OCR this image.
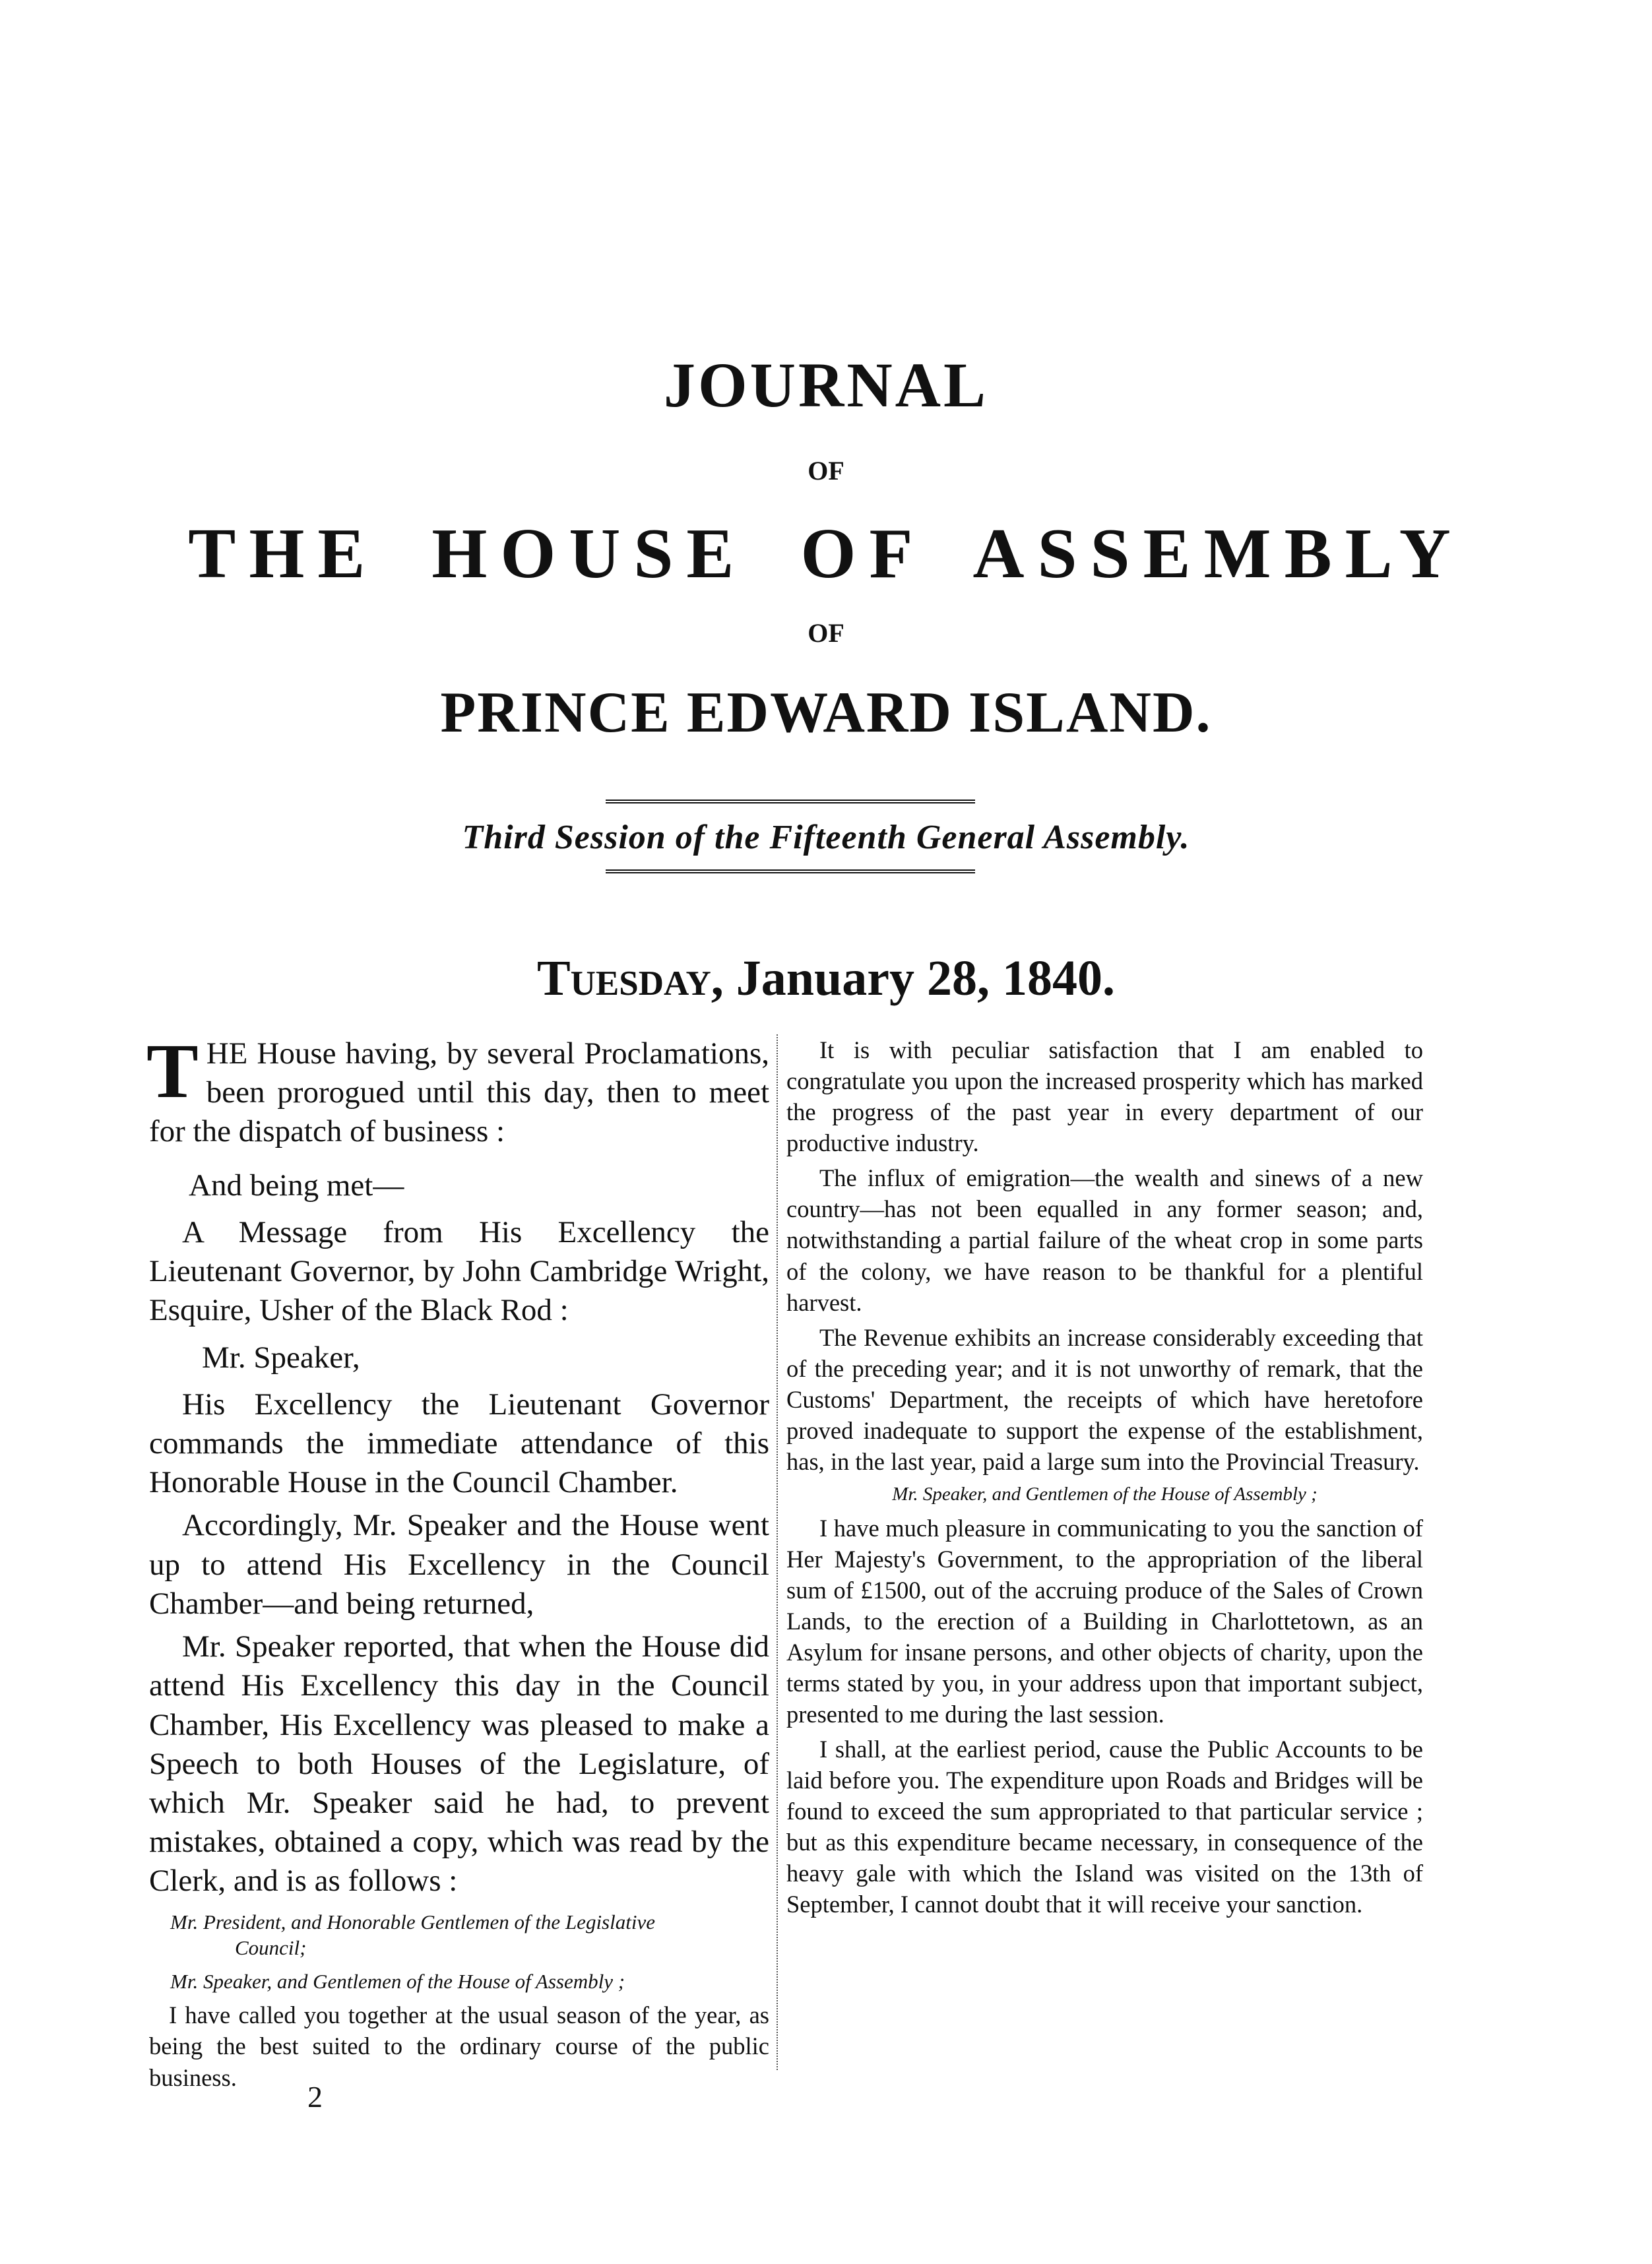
JOURNAL
OF
THE HOUSE OF ASSEMBLY
OF
PRINCE EDWARD ISLAND.
Third Session of the Fifteenth General Assembly.
Tuesday, January 28, 1840.

THE House having, by several Proclamations, been prorogued until this day, then to meet for the dispatch of business :

And being met—

A Message from His Excellency the Lieutenant Governor, by John Cambridge Wright, Esquire, Usher of the Black Rod :

Mr. Speaker,

His Excellency the Lieutenant Governor commands the immediate attendance of this Honorable House in the Council Chamber.

Accordingly, Mr. Speaker and the House went up to attend His Excellency in the Council Chamber—and being returned,

Mr. Speaker reported, that when the House did attend His Excellency this day in the Council Chamber, His Excellency was pleased to make a Speech to both Houses of the Legislature, of which Mr. Speaker said he had, to prevent mistakes, obtained a copy, which was read by the Clerk, and is as follows :

Mr. President, and Honorable Gentlemen of the Legislative
Council;

Mr. Speaker, and Gentlemen of the House of Assembly ;

I have called you together at the usual season of the year, as being the best suited to the ordinary course of the public business.

It is with peculiar satisfaction that I am enabled to congratulate you upon the increased prosperity which has marked the progress of the past year in every department of our productive industry.

The influx of emigration—the wealth and sinews of a new country—has not been equalled in any former season; and, notwithstanding a partial failure of the wheat crop in some parts of the colony, we have reason to be thankful for a plentiful harvest.

The Revenue exhibits an increase considerably exceeding that of the preceding year; and it is not unworthy of remark, that the Customs' Department, the receipts of which have heretofore proved inadequate to support the expense of the establishment, has, in the last year, paid a large sum into the Provincial Treasury.

Mr. Speaker, and Gentlemen of the House of Assembly ;

I have much pleasure in communicating to you the sanction of Her Majesty's Government, to the appropriation of the liberal sum of £1500, out of the accruing produce of the Sales of Crown Lands, to the erection of a Building in Charlottetown, as an Asylum for insane persons, and other objects of charity, upon the terms stated by you, in your address upon that important subject, presented to me during the last session.

I shall, at the earliest period, cause the Public Accounts to be laid before you. The expenditure upon Roads and Bridges will be found to exceed the sum appropriated to that particular service ; but as this expenditure became necessary, in consequence of the heavy gale with which the Island was visited on the 13th of September, I cannot doubt that it will receive your sanction.

2
